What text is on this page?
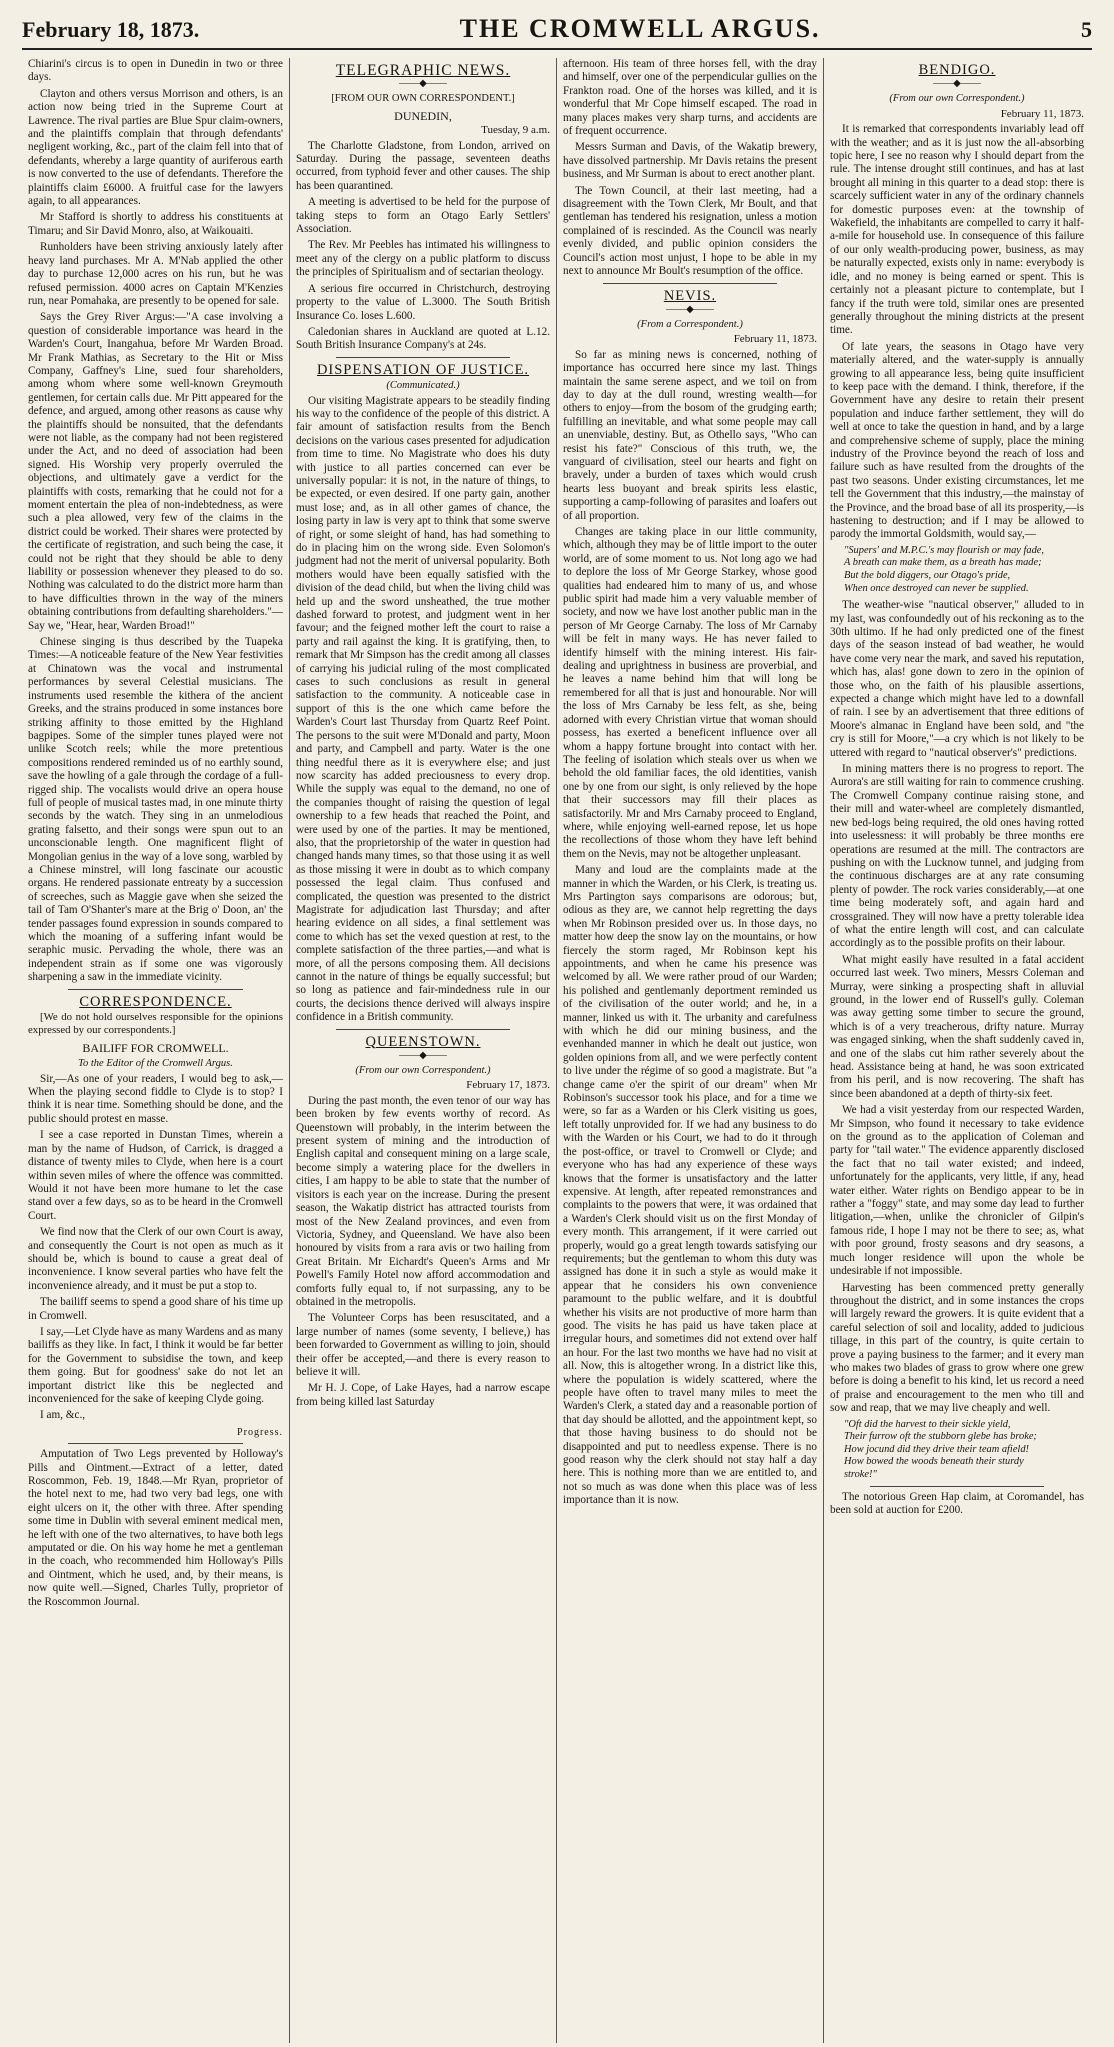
February 18, 1873.	THE CROMWELL ARGUS.	5

Chiarini's circus is to open in Dunedin in two or three days.

Clayton and others versus Morrison and others, is an action now being tried in the Supreme Court at Lawrence. The rival parties are Blue Spur claim-owners, and the plaintiffs complain that through defendants' negligent working, &c., part of the claim fell into that of defendants, whereby a large quantity of auriferous earth is now converted to the use of defendants. Therefore the plaintiffs claim £6000. A fruitful case for the lawyers again, to all appearances.

Mr Stafford is shortly to address his constituents at Timaru; and Sir David Monro, also, at Waikouaiti.

Runholders have been striving anxiously lately after heavy land purchases. Mr A. M'Nab applied the other day to purchase 12,000 acres on his run, but he was refused permission. 4000 acres on Captain M'Kenzies run, near Pomahaka, are presently to be opened for sale.

Says the Grey River Argus:—"A case involving a question of considerable importance was heard in the Warden's Court, Inangahua, before Mr Warden Broad. Mr Frank Mathias, as Secretary to the Hit or Miss Company, Gaffney's Line, sued four shareholders, among whom where some well-known Greymouth gentlemen, for certain calls due. Mr Pitt appeared for the defence, and argued, among other reasons as cause why the plaintiffs should be nonsuited, that the defendants were not liable, as the company had not been registered under the Act, and no deed of association had been signed. His Worship very properly overruled the objections, and ultimately gave a verdict for the plaintiffs with costs, remarking that he could not for a moment entertain the plea of non-indebtedness, as were such a plea allowed, very few of the claims in the district could be worked. Their shares were protected by the certificate of registration, and such being the case, it could not be right that they should be able to deny liability or possession whenever they pleased to do so. Nothing was calculated to do the district more harm than to have difficulties thrown in the way of the miners obtaining contributions from defaulting shareholders."—Say we, "Hear, hear, Warden Broad!"

Chinese singing is thus described by the Tuapeka Times:—A noticeable feature of the New Year festivities at Chinatown was the vocal and instrumental performances by several Celestial musicians. The instruments used resemble the kithera of the ancient Greeks, and the strains produced in some instances bore striking affinity to those emitted by the Highland bagpipes. Some of the simpler tunes played were not unlike Scotch reels; while the more pretentious compositions rendered reminded us of no earthly sound, save the howling of a gale through the cordage of a full-rigged ship. The vocalists would drive an opera house full of people of musical tastes mad, in one minute thirty seconds by the watch. They sing in an unmelodious grating falsetto, and their songs were spun out to an unconscionable length. One magnificent flight of Mongolian genius in the way of a love song, warbled by a Chinese minstrel, will long fascinate our acoustic organs. He rendered passionate entreaty by a succession of screeches, such as Maggie gave when she seized the tail of Tam O'Shanter's mare at the Brig o' Doon, an' the tender passages found expression in sounds compared to which the moaning of a suffering infant would be seraphic music. Pervading the whole, there was an independent strain as if some one was vigorously sharpening a saw in the immediate vicinity.

CORRESPONDENCE.

[We do not hold ourselves responsible for the opinions expressed by our correspondents.]

BAILIFF FOR CROMWELL.
To the Editor of the Cromwell Argus.

Sir,—As one of your readers, I would beg to ask,—When the playing second fiddle to Clyde is to stop? I think it is near time. Something should be done, and the public should protest en masse.

I see a case reported in Dunstan Times, wherein a man by the name of Hudson, of Carrick, is dragged a distance of twenty miles to Clyde, when here is a court within seven miles of where the offence was committed. Would it not have been more humane to let the case stand over a few days, so as to be heard in the Cromwell Court.

We find now that the Clerk of our own Court is away, and consequently the Court is not open as much as it should be, which is bound to cause a great deal of inconvenience. I know several parties who have felt the inconvenience already, and it must be put a stop to.

The bailiff seems to spend a good share of his time up in Cromwell.

I say,—Let Clyde have as many Wardens and as many bailiffs as they like. In fact, I think it would be far better for the Government to subsidise the town, and keep them going. But for goodness' sake do not let an important district like this be neglected and inconvenienced for the sake of keeping Clyde going.

I am, &c.,

Progress.

Amputation of Two Legs prevented by Holloway's Pills and Ointment.—Extract of a letter, dated Roscommon, Feb. 19, 1848.—Mr Ryan, proprietor of the hotel next to me, had two very bad legs, one with eight ulcers on it, the other with three. After spending some time in Dublin with several eminent medical men, he left with one of the two alternatives, to have both legs amputated or die. On his way home he met a gentleman in the coach, who recommended him Holloway's Pills and Ointment, which he used, and, by their means, is now quite well.—Signed, Charles Tully, proprietor of the Roscommon Journal.

TELEGRAPHIC NEWS.
——◆——
[FROM OUR OWN CORRESPONDENT.]
DUNEDIN,
Tuesday, 9 a.m.

The Charlotte Gladstone, from London, arrived on Saturday. During the passage, seventeen deaths occurred, from typhoid fever and other causes. The ship has been quarantined.

A meeting is advertised to be held for the purpose of taking steps to form an Otago Early Settlers' Association.

The Rev. Mr Peebles has intimated his willingness to meet any of the clergy on a public platform to discuss the principles of Spiritualism and of sectarian theology.

A serious fire occurred in Christchurch, destroying property to the value of L.3000. The South British Insurance Co. loses L.600.

Caledonian shares in Auckland are quoted at L.12. South British Insurance Company's at 24s.

DISPENSATION OF JUSTICE.
(Communicated.)

Our visiting Magistrate appears to be steadily finding his way to the confidence of the people of this district. A fair amount of satisfaction results from the Bench decisions on the various cases presented for adjudication from time to time. No Magistrate who does his duty with justice to all parties concerned can ever be universally popular: it is not, in the nature of things, to be expected, or even desired. If one party gain, another must lose; and, as in all other games of chance, the losing party in law is very apt to think that some swerve of right, or some sleight of hand, has had something to do in placing him on the wrong side. Even Solomon's judgment had not the merit of universal popularity. Both mothers would have been equally satisfied with the division of the dead child, but when the living child was held up and the sword unsheathed, the true mother dashed forward to protest, and judgment went in her favour; and the feigned mother left the court to raise a party and rail against the king. It is gratifying, then, to remark that Mr Simpson has the credit among all classes of carrying his judicial ruling of the most complicated cases to such conclusions as result in general satisfaction to the community. A noticeable case in support of this is the one which came before the Warden's Court last Thursday from Quartz Reef Point. The persons to the suit were M'Donald and party, Moon and party, and Campbell and party. Water is the one thing needful there as it is everywhere else; and just now scarcity has added preciousness to every drop. While the supply was equal to the demand, no one of the companies thought of raising the question of legal ownership to a few heads that reached the Point, and were used by one of the parties. It may be mentioned, also, that the proprietorship of the water in question had changed hands many times, so that those using it as well as those missing it were in doubt as to which company possessed the legal claim. Thus confused and complicated, the question was presented to the district Magistrate for adjudication last Thursday; and after hearing evidence on all sides, a final settlement was come to which has set the vexed question at rest, to the complete satisfaction of the three parties,—and what is more, of all the persons composing them. All decisions cannot in the nature of things be equally successful; but so long as patience and fair-mindedness rule in our courts, the decisions thence derived will always inspire confidence in a British community.

QUEENSTOWN.
——◆——
(From our own Correspondent.)
February 17, 1873.

During the past month, the even tenor of our way has been broken by few events worthy of record. As Queenstown will probably, in the interim between the present system of mining and the introduction of English capital and consequent mining on a large scale, become simply a watering place for the dwellers in cities, I am happy to be able to state that the number of visitors is each year on the increase. During the present season, the Wakatip district has attracted tourists from most of the New Zealand provinces, and even from Victoria, Sydney, and Queensland. We have also been honoured by visits from a rara avis or two hailing from Great Britain. Mr Eichardt's Queen's Arms and Mr Powell's Family Hotel now afford accommodation and comforts fully equal to, if not surpassing, any to be obtained in the metropolis.

The Volunteer Corps has been resuscitated, and a large number of names (some seventy, I believe,) has been forwarded to Government as willing to join, should their offer be accepted,—and there is every reason to believe it will.

Mr H. J. Cope, of Lake Hayes, had a narrow escape from being killed last Saturday

afternoon. His team of three horses fell, with the dray and himself, over one of the perpendicular gullies on the Frankton road. One of the horses was killed, and it is wonderful that Mr Cope himself escaped. The road in many places makes very sharp turns, and accidents are of frequent occurrence.

Messrs Surman and Davis, of the Wakatip brewery, have dissolved partnership. Mr Davis retains the present business, and Mr Surman is about to erect another plant.

The Town Council, at their last meeting, had a disagreement with the Town Clerk, Mr Boult, and that gentleman has tendered his resignation, unless a motion complained of is rescinded. As the Council was nearly evenly divided, and public opinion considers the Council's action most unjust, I hope to be able in my next to announce Mr Boult's resumption of the office.

NEVIS.
——◆——
(From a Correspondent.)
February 11, 1873.

So far as mining news is concerned, nothing of importance has occurred here since my last. Things maintain the same serene aspect, and we toil on from day to day at the dull round, wresting wealth—for others to enjoy—from the bosom of the grudging earth; fulfilling an inevitable, and what some people may call an unenviable, destiny. But, as Othello says, "Who can resist his fate?" Conscious of this truth, we, the vanguard of civilisation, steel our hearts and fight on bravely, under a burden of taxes which would crush hearts less buoyant and break spirits less elastic, supporting a camp-following of parasites and loafers out of all proportion.

Changes are taking place in our little community, which, although they may be of little import to the outer world, are of some moment to us. Not long ago we had to deplore the loss of Mr George Starkey, whose good qualities had endeared him to many of us, and whose public spirit had made him a very valuable member of society, and now we have lost another public man in the person of Mr George Carnaby. The loss of Mr Carnaby will be felt in many ways. He has never failed to identify himself with the mining interest. His fair-dealing and uprightness in business are proverbial, and he leaves a name behind him that will long be remembered for all that is just and honourable. Nor will the loss of Mrs Carnaby be less felt, as she, being adorned with every Christian virtue that woman should possess, has exerted a beneficent influence over all whom a happy fortune brought into contact with her. The feeling of isolation which steals over us when we behold the old familiar faces, the old identities, vanish one by one from our sight, is only relieved by the hope that their successors may fill their places as satisfactorily. Mr and Mrs Carnaby proceed to England, where, while enjoying well-earned repose, let us hope the recollections of those whom they have left behind them on the Nevis, may not be altogether unpleasant.

Many and loud are the complaints made at the manner in which the Warden, or his Clerk, is treating us. Mrs Partington says comparisons are odorous; but, odious as they are, we cannot help regretting the days when Mr Robinson presided over us. In those days, no matter how deep the snow lay on the mountains, or how fiercely the storm raged, Mr Robinson kept his appointments, and when he came his presence was welcomed by all. We were rather proud of our Warden; his polished and gentlemanly deportment reminded us of the civilisation of the outer world; and he, in a manner, linked us with it. The urbanity and carefulness with which he did our mining business, and the evenhanded manner in which he dealt out justice, won golden opinions from all, and we were perfectly content to live under the régime of so good a magistrate. But "a change came o'er the spirit of our dream" when Mr Robinson's successor took his place, and for a time we were, so far as a Warden or his Clerk visiting us goes, left totally unprovided for. If we had any business to do with the Warden or his Court, we had to do it through the post-office, or travel to Cromwell or Clyde; and everyone who has had any experience of these ways knows that the former is unsatisfactory and the latter expensive. At length, after repeated remonstrances and complaints to the powers that were, it was ordained that a Warden's Clerk should visit us on the first Monday of every month. This arrangement, if it were carried out properly, would go a great length towards satisfying our requirements; but the gentleman to whom this duty was assigned has done it in such a style as would make it appear that he considers his own convenience paramount to the public welfare, and it is doubtful whether his visits are not productive of more harm than good. The visits he has paid us have taken place at irregular hours, and sometimes did not extend over half an hour. For the last two months we have had no visit at all. Now, this is altogether wrong. In a district like this, where the population is widely scattered, where the people have often to travel many miles to meet the Warden's Clerk, a stated day and a reasonable portion of that day should be allotted, and the appointment kept, so that those having business to do should not be disappointed and put to needless expense. There is no good reason why the clerk should not stay half a day here. This is nothing more than we are entitled to, and not so much as was done when this place was of less importance than it is now.

BENDIGO.
——◆——
(From our own Correspondent.)
February 11, 1873.

It is remarked that correspondents invariably lead off with the weather; and as it is just now the all-absorbing topic here, I see no reason why I should depart from the rule. The intense drought still continues, and has at last brought all mining in this quarter to a dead stop: there is scarcely sufficient water in any of the ordinary channels for domestic purposes even: at the township of Wakefield, the inhabitants are compelled to carry it half-a-mile for household use. In consequence of this failure of our only wealth-producing power, business, as may be naturally expected, exists only in name: everybody is idle, and no money is being earned or spent. This is certainly not a pleasant picture to contemplate, but I fancy if the truth were told, similar ones are presented generally throughout the mining districts at the present time.

Of late years, the seasons in Otago have very materially altered, and the water-supply is annually growing to all appearance less, being quite insufficient to keep pace with the demand. I think, therefore, if the Government have any desire to retain their present population and induce farther settlement, they will do well at once to take the question in hand, and by a large and comprehensive scheme of supply, place the mining industry of the Province beyond the reach of loss and failure such as have resulted from the droughts of the past two seasons. Under existing circumstances, let me tell the Government that this industry,—the mainstay of the Province, and the broad base of all its prosperity,—is hastening to destruction; and if I may be allowed to parody the immortal Goldsmith, would say,—

"Supers' and M.P.C.'s may flourish or may fade,
A breath can make them, as a breath has made;
But the bold diggers, our Otago's pride,
When once destroyed can never be supplied.

The weather-wise "nautical observer," alluded to in my last, was confoundedly out of his reckoning as to the 30th ultimo. If he had only predicted one of the finest days of the season instead of bad weather, he would have come very near the mark, and saved his reputation, which has, alas! gone down to zero in the opinion of those who, on the faith of his plausible assertions, expected a change which might have led to a downfall of rain. I see by an advertisement that three editions of Moore's almanac in England have been sold, and "the cry is still for Moore,"—a cry which is not likely to be uttered with regard to "nautical observer's" predictions.

In mining matters there is no progress to report. The Aurora's are still waiting for rain to commence crushing. The Cromwell Company continue raising stone, and their mill and water-wheel are completely dismantled, new bed-logs being required, the old ones having rotted into uselessness: it will probably be three months ere operations are resumed at the mill. The contractors are pushing on with the Lucknow tunnel, and judging from the continuous discharges are at any rate consuming plenty of powder. The rock varies considerably,—at one time being moderately soft, and again hard and crossgrained. They will now have a pretty tolerable idea of what the entire length will cost, and can calculate accordingly as to the possible profits on their labour.

What might easily have resulted in a fatal accident occurred last week. Two miners, Messrs Coleman and Murray, were sinking a prospecting shaft in alluvial ground, in the lower end of Russell's gully. Coleman was away getting some timber to secure the ground, which is of a very treacherous, drifty nature. Murray was engaged sinking, when the shaft suddenly caved in, and one of the slabs cut him rather severely about the head. Assistance being at hand, he was soon extricated from his peril, and is now recovering. The shaft has since been abandoned at a depth of thirty-six feet.

We had a visit yesterday from our respected Warden, Mr Simpson, who found it necessary to take evidence on the ground as to the application of Coleman and party for "tail water." The evidence apparently disclosed the fact that no tail water existed; and indeed, unfortunately for the applicants, very little, if any, head water either. Water rights on Bendigo appear to be in rather a "foggy" state, and may some day lead to further litigation,—when, unlike the chronicler of Gilpin's famous ride, I hope I may not be there to see; as, what with poor ground, frosty seasons and dry seasons, a much longer residence will upon the whole be undesirable if not impossible.

Harvesting has been commenced pretty generally throughout the district, and in some instances the crops will largely reward the growers. It is quite evident that a careful selection of soil and locality, added to judicious tillage, in this part of the country, is quite certain to prove a paying business to the farmer; and it every man who makes two blades of grass to grow where one grew before is doing a benefit to his kind, let us record a need of praise and encouragement to the men who till and sow and reap, that we may live cheaply and well.

"Oft did the harvest to their sickle yield,
Their furrow oft the stubborn glebe has broke;
How jocund did they drive their team afield!
How bowed the woods beneath their sturdy
stroke!"

The notorious Green Hap claim, at Coromandel, has been sold at auction for £200.
